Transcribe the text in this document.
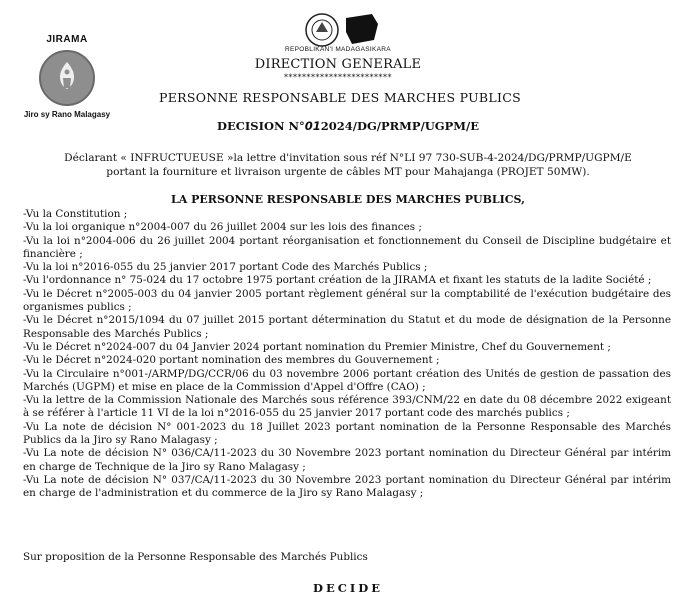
JIRAMA
Jiro sy Rano Malagasy
REPOBLIKAN'I MADAGASIKARA
DIRECTION GENERALE
************************
PERSONNE RESPONSABLE DES MARCHES PUBLICS
DECISION N°012024/DG/PRMP/UGPM/E
Déclarant « INFRUCTUEUSE »la lettre d'invitation sous réf N°LI 97 730-SUB-4-2024/DG/PRMP/UGPM/E
portant la fourniture et livraison urgente de câbles MT pour Mahajanga (PROJET 50MW).
LA PERSONNE RESPONSABLE DES MARCHES PUBLICS,
-Vu la Constitution ;
-Vu la loi organique n°2004-007 du 26 juillet 2004 sur les lois des finances ;
-Vu la loi n°2004-006 du 26 juillet 2004 portant réorganisation et fonctionnement du Conseil de Discipline budgétaire et financière ;
-Vu la loi n°2016-055 du 25 janvier 2017 portant Code des Marchés Publics ;
-Vu l'ordonnance n° 75-024 du 17 octobre 1975 portant création de la JIRAMA et fixant les statuts de la ladite Société ;
-Vu le Décret n°2005-003 du 04 janvier 2005 portant règlement général sur la comptabilité de l'exécution budgétaire des organismes publics ;
-Vu le Décret n°2015/1094 du 07 juillet 2015 portant détermination du Statut et du mode de désignation de la Personne Responsable des Marchés Publics ;
-Vu le Décret n°2024-007 du 04 Janvier 2024 portant nomination du Premier Ministre, Chef du Gouvernement ;
-Vu le Décret n°2024-020 portant nomination des membres du Gouvernement ;
-Vu la Circulaire n°001-/ARMP/DG/CCR/06 du 03 novembre 2006 portant création des Unités de gestion de passation des Marchés (UGPM) et mise en place de la Commission d'Appel d'Offre (CAO) ;
-Vu la lettre de la Commission Nationale des Marchés sous référence 393/CNM/22 en date du 08 décembre 2022 exigeant à se référer à l'article 11 VI de la loi n°2016-055 du 25 janvier 2017 portant code des marchés publics ;
-Vu La note de décision N° 001-2023 du 18 Juillet 2023 portant nomination de la Personne Responsable des Marchés Publics da la Jiro sy Rano Malagasy ;
-Vu La note de décision N° 036/CA/11-2023 du 30 Novembre 2023 portant nomination du Directeur Général par intérim en charge de Technique de la Jiro sy Rano Malagasy ;
-Vu La note de décision N° 037/CA/11-2023 du 30 Novembre 2023 portant nomination du Directeur Général par intérim en charge de l'administration et du commerce de la Jiro sy Rano Malagasy ;
Sur proposition de la Personne Responsable des Marchés Publics
DECIDE
